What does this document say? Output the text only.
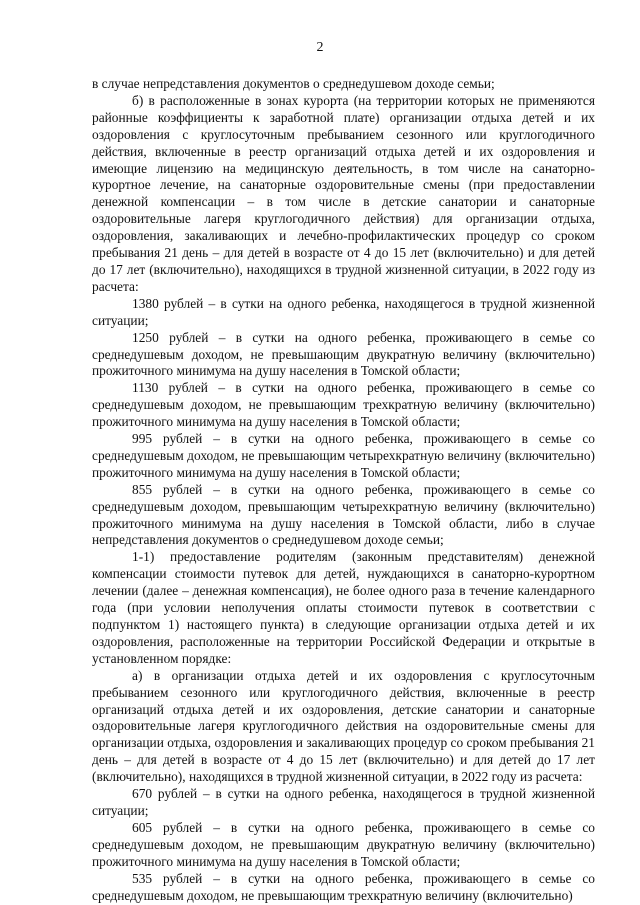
2

в случае непредставления документов о среднедушевом доходе семьи;

б) в расположенные в зонах курорта (на территории которых не применяются районные коэффициенты к заработной плате) организации отдыха детей и их оздоровления с круглосуточным пребыванием сезонного или круглогодичного действия, включенные в реестр организаций отдыха детей и их оздоровления и имеющие лицензию на медицинскую деятельность, в том числе на санаторно-курортное лечение, на санаторные оздоровительные смены (при предоставлении денежной компенсации – в том числе в детские санатории и санаторные оздоровительные лагеря круглогодичного действия) для организации отдыха, оздоровления, закаливающих и лечебно-профилактических процедур со сроком пребывания 21 день – для детей в возрасте от 4 до 15 лет (включительно) и для детей до 17 лет (включительно), находящихся в трудной жизненной ситуации, в 2022 году из расчета:

1380 рублей – в сутки на одного ребенка, находящегося в трудной жизненной ситуации;

1250 рублей – в сутки на одного ребенка, проживающего в семье со среднедушевым доходом, не превышающим двукратную величину (включительно) прожиточного минимума на душу населения в Томской области;

1130 рублей – в сутки на одного ребенка, проживающего в семье со среднедушевым доходом, не превышающим трехкратную величину (включительно) прожиточного минимума на душу населения в Томской области;

995 рублей – в сутки на одного ребенка, проживающего в семье со среднедушевым доходом, не превышающим четырехкратную величину (включительно) прожиточного минимума на душу населения в Томской области;

855 рублей – в сутки на одного ребенка, проживающего в семье со среднедушевым доходом, превышающим четырехкратную величину (включительно) прожиточного минимума на душу населения в Томской области, либо в случае непредставления документов о среднедушевом доходе семьи;

1-1) предоставление родителям (законным представителям) денежной компенсации стоимости путевок для детей, нуждающихся в санаторно-курортном лечении (далее – денежная компенсация), не более одного раза в течение календарного года (при условии неполучения оплаты стоимости путевок в соответствии с подпунктом 1) настоящего пункта) в следующие организации отдыха детей и их оздоровления, расположенные на территории Российской Федерации и открытые в установленном порядке:

а) в организации отдыха детей и их оздоровления с круглосуточным пребыванием сезонного или круглогодичного действия, включенные в реестр организаций отдыха детей и их оздоровления, детские санатории и санаторные оздоровительные лагеря круглогодичного действия на оздоровительные смены для организации отдыха, оздоровления и закаливающих процедур со сроком пребывания 21 день – для детей в возрасте от 4 до 15 лет (включительно) и для детей до 17 лет (включительно), находящихся в трудной жизненной ситуации, в 2022 году из расчета:

670 рублей – в сутки на одного ребенка, находящегося в трудной жизненной ситуации;

605 рублей – в сутки на одного ребенка, проживающего в семье со среднедушевым доходом, не превышающим двукратную величину (включительно) прожиточного минимума на душу населения в Томской области;

535 рублей – в сутки на одного ребенка, проживающего в семье со среднедушевым доходом, не превышающим трехкратную величину (включительно)
